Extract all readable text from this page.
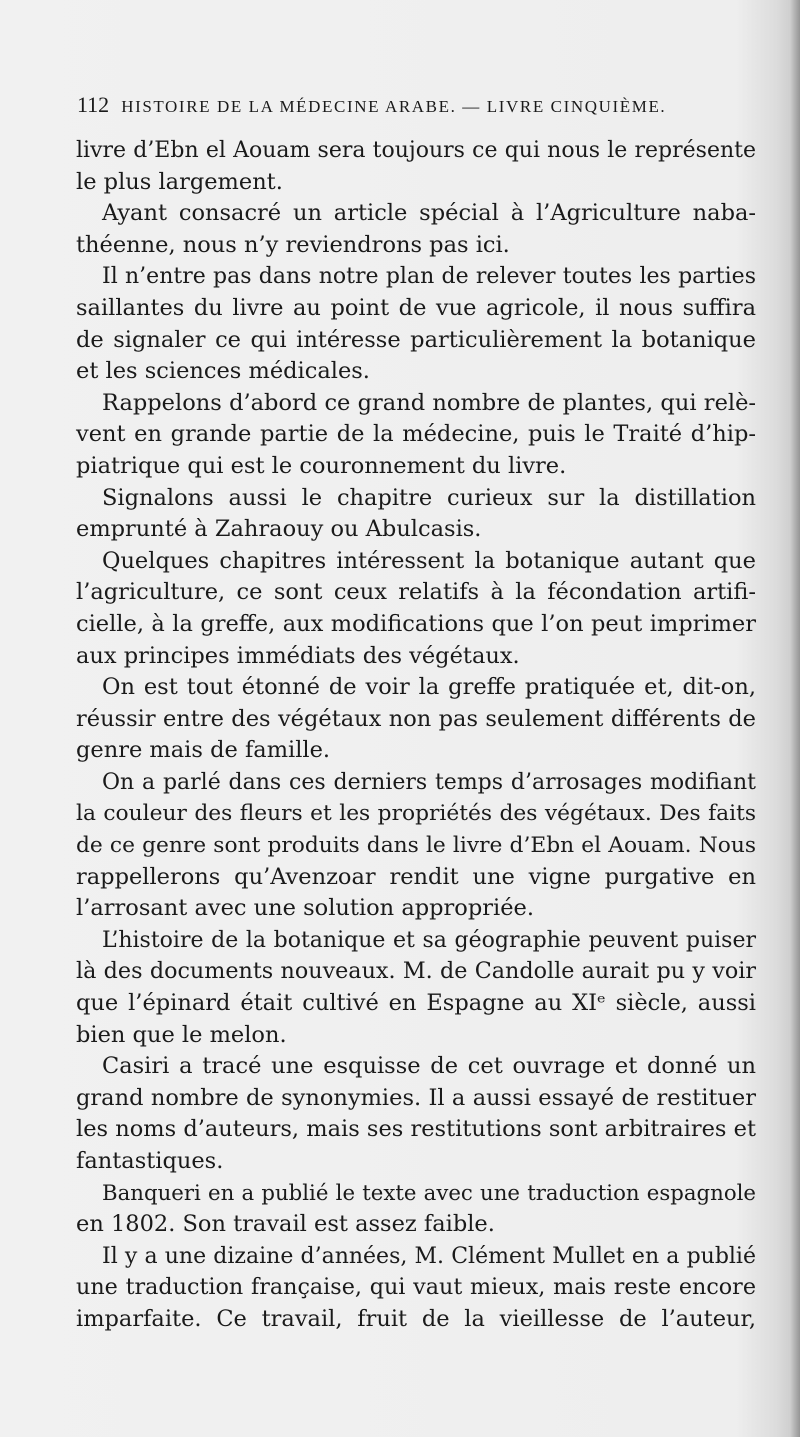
112 HISTOIRE DE LA MÉDECINE ARABE. — LIVRE CINQUIÈME.
livre d’Ebn el Aouam sera toujours ce qui nous le représente
le plus largement.
Ayant consacré un article spécial à l’Agriculture naba-
théenne, nous n’y reviendrons pas ici.
Il n’entre pas dans notre plan de relever toutes les parties
saillantes du livre au point de vue agricole, il nous suffira
de signaler ce qui intéresse particulièrement la botanique
et les sciences médicales.
Rappelons d’abord ce grand nombre de plantes, qui relè-
vent en grande partie de la médecine, puis le Traité d’hip-
piatrique qui est le couronnement du livre.
Signalons aussi le chapitre curieux sur la distillation
emprunté à Zahraouy ou Abulcasis.
Quelques chapitres intéressent la botanique autant que
l’agriculture, ce sont ceux relatifs à la fécondation artifi-
cielle, à la greffe, aux modifications que l’on peut imprimer
aux principes immédiats des végétaux.
On est tout étonné de voir la greffe pratiquée et, dit-on,
réussir entre des végétaux non pas seulement différents de
genre mais de famille.
On a parlé dans ces derniers temps d’arrosages modifiant
la couleur des fleurs et les propriétés des végétaux. Des faits
de ce genre sont produits dans le livre d’Ebn el Aouam. Nous
rappellerons qu’Avenzoar rendit une vigne purgative en
l’arrosant avec une solution appropriée.
L’histoire de la botanique et sa géographie peuvent puiser
là des documents nouveaux. M. de Candolle aurait pu y voir
que l’épinard était cultivé en Espagne au XIᵉ siècle, aussi
bien que le melon.
Casiri a tracé une esquisse de cet ouvrage et donné un
grand nombre de synonymies. Il a aussi essayé de restituer
les noms d’auteurs, mais ses restitutions sont arbitraires et
fantastiques.
Banqueri en a publié le texte avec une traduction espagnole
en 1802. Son travail est assez faible.
Il y a une dizaine d’années, M. Clément Mullet en a publié
une traduction française, qui vaut mieux, mais reste encore
imparfaite. Ce travail, fruit de la vieillesse de l’auteur,
